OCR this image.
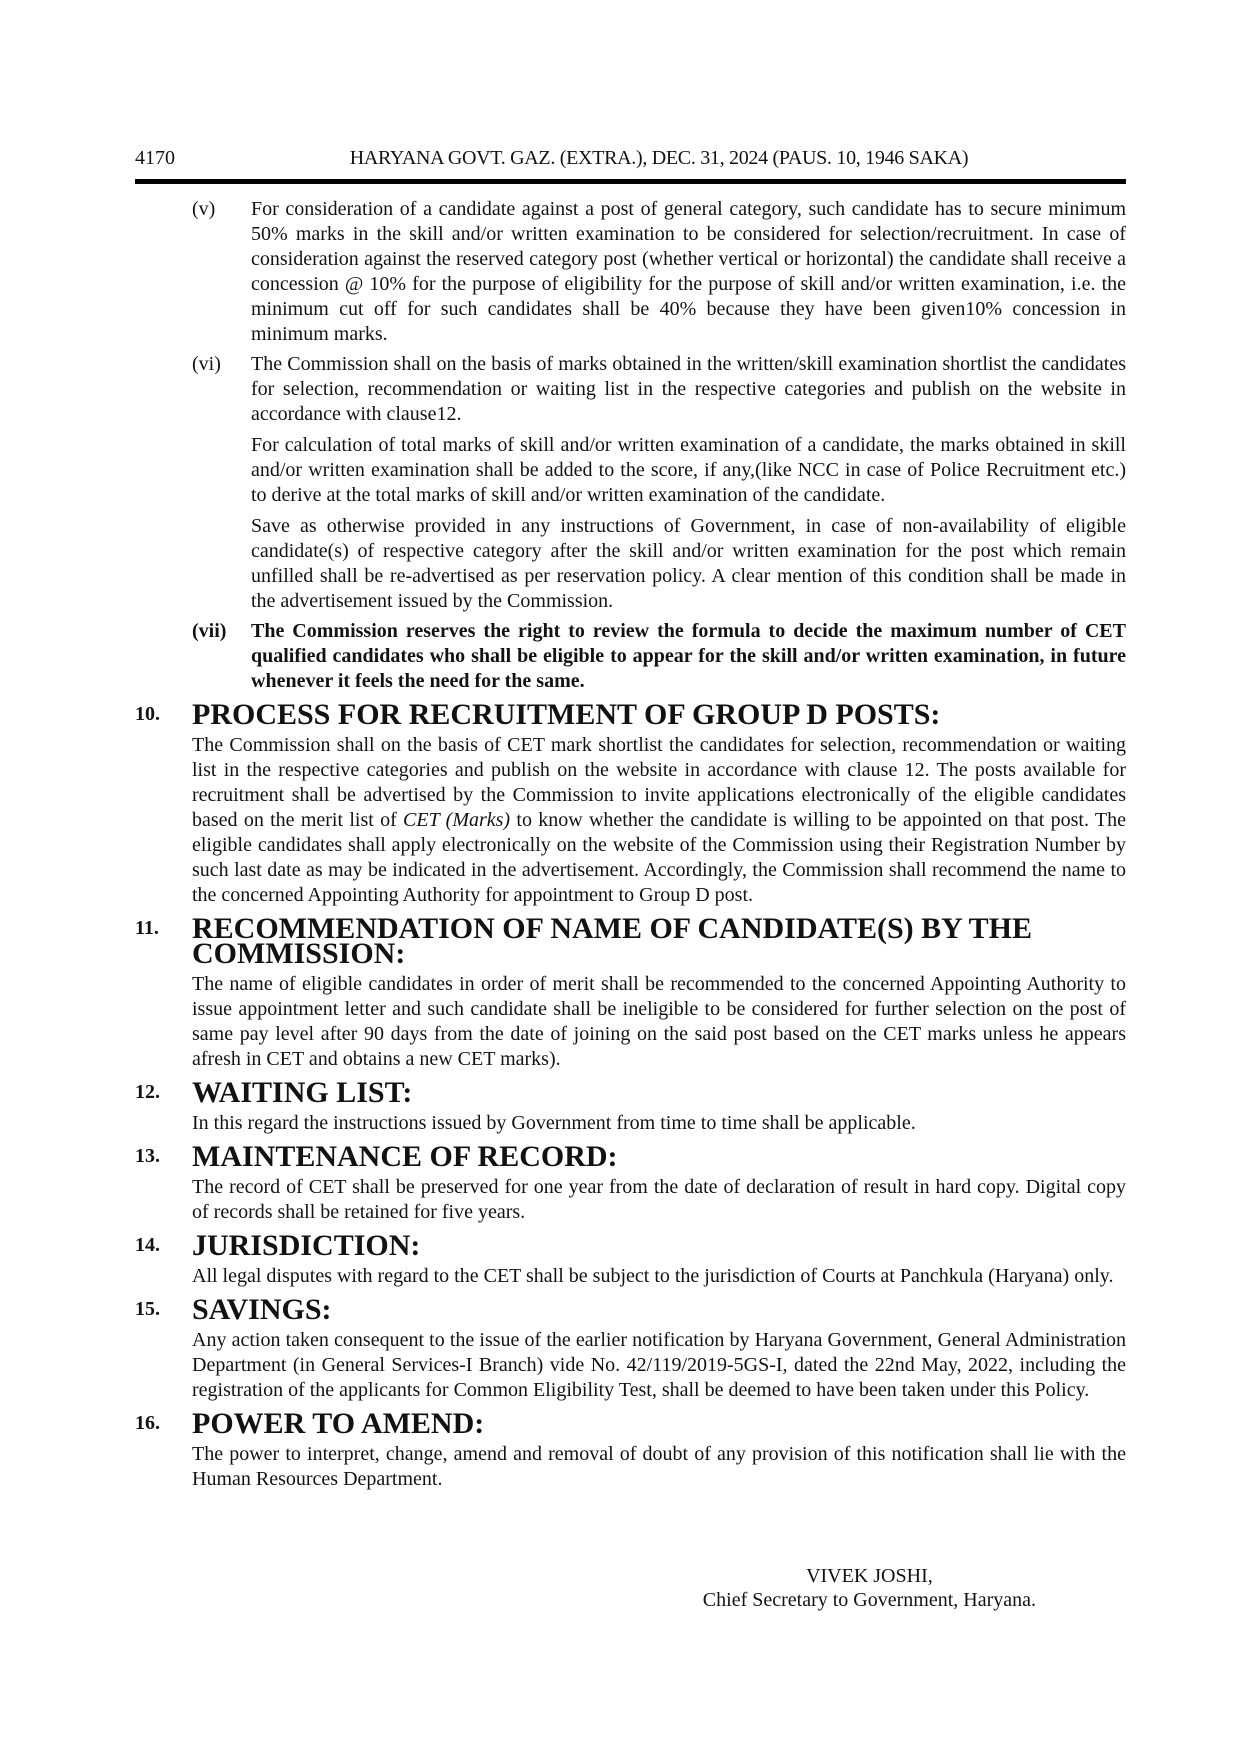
4170	HARYANA GOVT. GAZ. (EXTRA.), DEC. 31, 2024 (PAUS. 10, 1946 SAKA)
(v)	For consideration of a candidate against a post of general category, such candidate has to secure minimum 50% marks in the skill and/or written examination to be considered for selection/recruitment. In case of consideration against the reserved category post (whether vertical or horizontal) the candidate shall receive a concession @ 10% for the purpose of eligibility for the purpose of skill and/or written examination, i.e. the minimum cut off for such candidates shall be 40% because they have been given10% concession in minimum marks.

(vi)	The Commission shall on the basis of marks obtained in the written/skill examination shortlist the candidates for selection, recommendation or waiting list in the respective categories and publish on the website in accordance with clause12.

For calculation of total marks of skill and/or written examination of a candidate, the marks obtained in skill and/or written examination shall be added to the score, if any,(like NCC in case of Police Recruitment etc.) to derive at the total marks of skill and/or written examination of the candidate.

Save as otherwise provided in any instructions of Government, in case of non-availability of eligible candidate(s) of respective category after the skill and/or written examination for the post which remain unfilled shall be re-advertised as per reservation policy. A clear mention of this condition shall be made in the advertisement issued by the Commission.

(vii)	The Commission reserves the right to review the formula to decide the maximum number of CET qualified candidates who shall be eligible to appear for the skill and/or written examination, in future whenever it feels the need for the same.

10.	PROCESS FOR RECRUITMENT OF GROUP D POSTS:

The Commission shall on the basis of CET mark shortlist the candidates for selection, recommendation or waiting list in the respective categories and publish on the website in accordance with clause 12. The posts available for recruitment shall be advertised by the Commission to invite applications electronically of the eligible candidates based on the merit list of CET (Marks) to know whether the candidate is willing to be appointed on that post. The eligible candidates shall apply electronically on the website of the Commission using their Registration Number by such last date as may be indicated in the advertisement. Accordingly, the Commission shall recommend the name to the concerned Appointing Authority for appointment to Group D post.

11.	RECOMMENDATION OF NAME OF CANDIDATE(S) BY THE COMMISSION:

The name of eligible candidates in order of merit shall be recommended to the concerned Appointing Authority to issue appointment letter and such candidate shall be ineligible to be considered for further selection on the post of same pay level after 90 days from the date of joining on the said post based on the CET marks unless he appears afresh in CET and obtains a new CET marks).

12.	WAITING LIST:

In this regard the instructions issued by Government from time to time shall be applicable.

13.	MAINTENANCE OF RECORD:

The record of CET shall be preserved for one year from the date of declaration of result in hard copy. Digital copy of records shall be retained for five years.

14.	JURISDICTION:

All legal disputes with regard to the CET shall be subject to the jurisdiction of Courts at Panchkula (Haryana) only.

15.	SAVINGS:

Any action taken consequent to the issue of the earlier notification by Haryana Government, General Administration Department (in General Services-I Branch) vide No. 42/119/2019-5GS-I, dated the 22nd May, 2022, including the registration of the applicants for Common Eligibility Test, shall be deemed to have been taken under this Policy.

16.	POWER TO AMEND:

The power to interpret, change, amend and removal of doubt of any provision of this notification shall lie with the Human Resources Department.

VIVEK JOSHI,
Chief Secretary to Government, Haryana.
